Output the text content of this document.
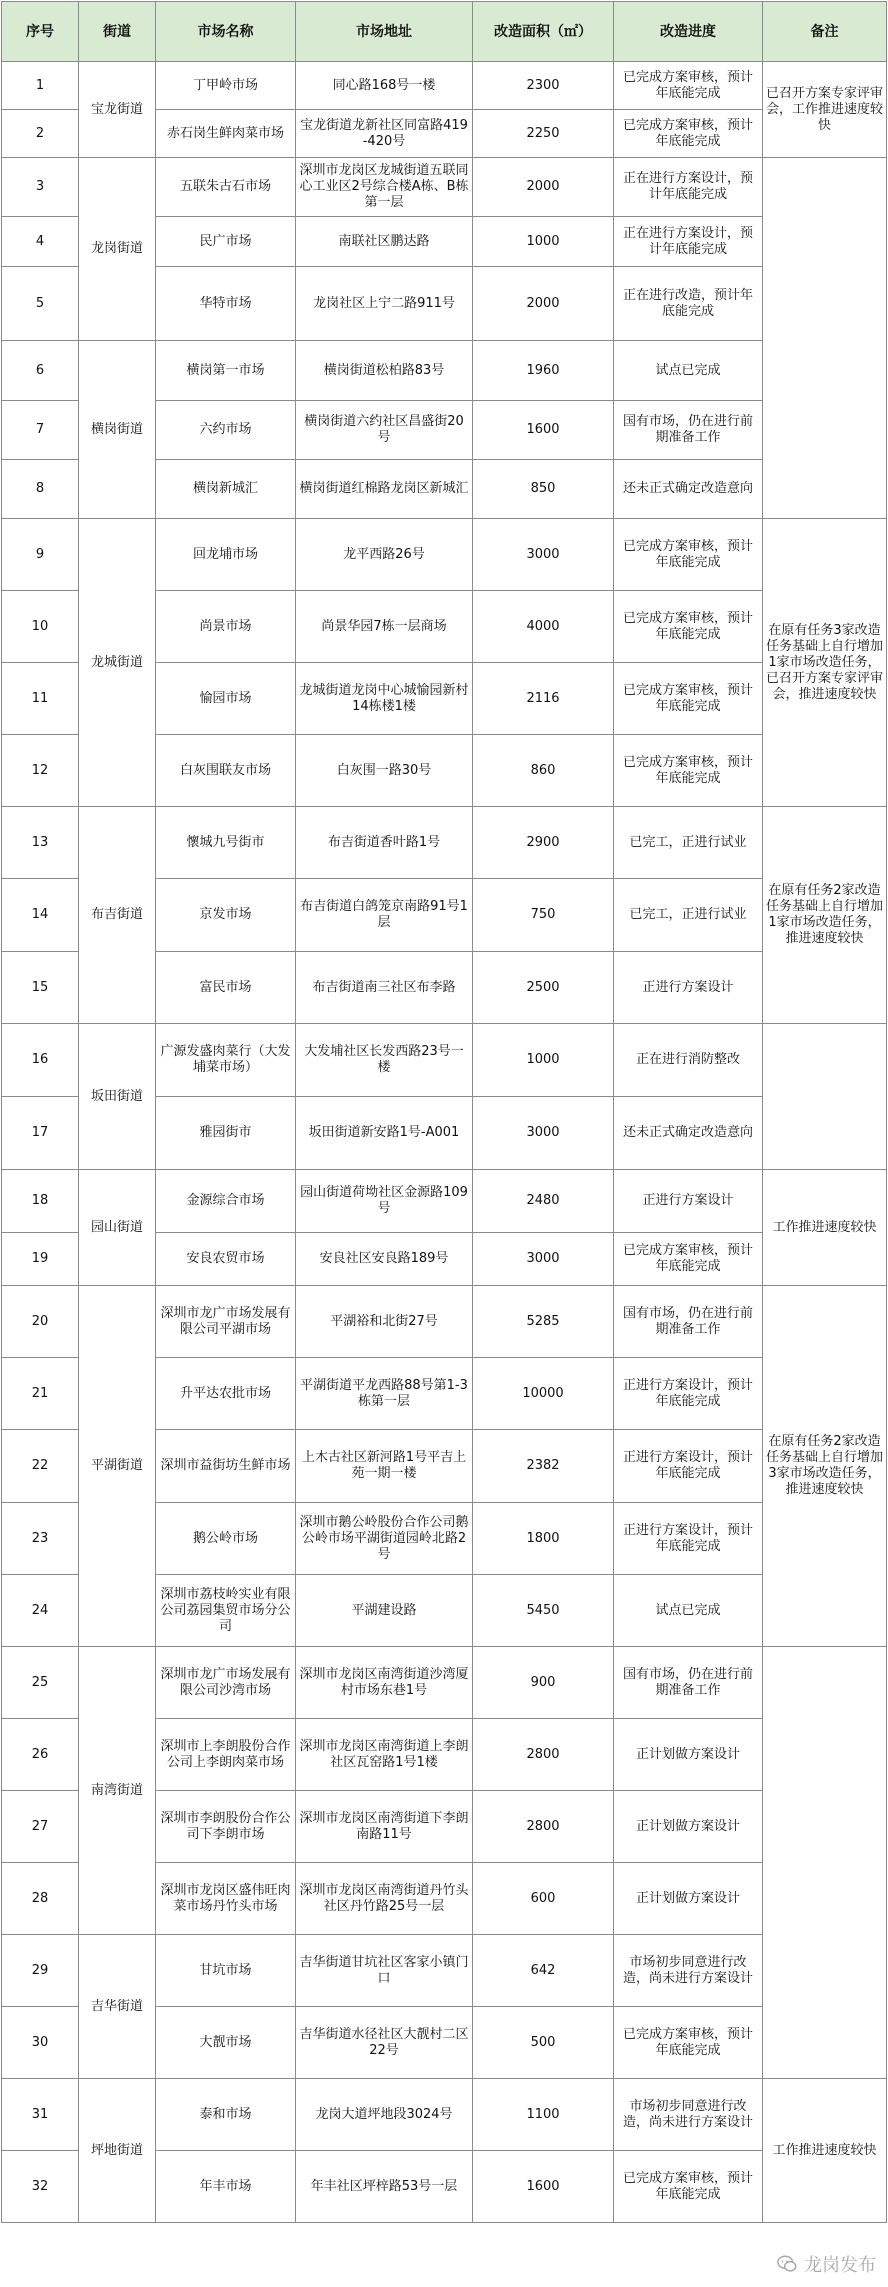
序号	街道	市场名称	市场地址	改造面积（㎡）	改造进度	备注
1	宝龙街道	丁甲岭市场	同心路168号一楼	2300	已完成方案审核，预计年底能完成	已召开方案专家评审会，工作推进速度较快
2		赤石岗生鲜肉菜市场	宝龙街道龙新社区同富路419-420号	2250	已完成方案审核，预计年底能完成	
3	龙岗街道	五联朱古石市场	深圳市龙岗区龙城街道五联同心工业区2号综合楼A栋、B栋第一层	2000	正在进行方案设计，预计年底能完成	
4		民广市场	南联社区鹏达路	1000	正在进行方案设计，预计年底能完成	
5		华特市场	龙岗社区上宁二路911号	2000	正在进行改造，预计年底能完成	
6	横岗街道	横岗第一市场	横岗街道松柏路83号	1960	试点已完成	
7		六约市场	横岗街道六约社区昌盛街20号	1600	国有市场，仍在进行前期准备工作	
8		横岗新城汇	横岗街道红棉路龙岗区新城汇	850	还未正式确定改造意向	
9	龙城街道	回龙埔市场	龙平西路26号	3000	已完成方案审核，预计年底能完成	在原有任务3家改造任务基础上自行增加1家市场改造任务，已召开方案专家评审会，推进速度较快
10		尚景市场	尚景华园7栋一层商场	4000	已完成方案审核，预计年底能完成	
11		愉园市场	龙城街道龙岗中心城愉园新村14栋楼1楼	2116	已完成方案审核，预计年底能完成	
12		白灰围联友市场	白灰围一路30号	860	已完成方案审核，预计年底能完成	
13	布吉街道	懷城九号街市	布吉街道香叶路1号	2900	已完工，正进行试业	在原有任务2家改造任务基础上自行增加1家市场改造任务，推进速度较快
14		京发市场	布吉街道白鸽笼京南路91号1层	750	已完工，正进行试业	
15		富民市场	布吉街道南三社区布李路	2500	正进行方案设计	
16	坂田街道	广源发盛肉菜行（大发埔菜市场）	大发埔社区长发西路23号一楼	1000	正在进行消防整改	
17		雅园街市	坂田街道新安路1号-A001	3000	还未正式确定改造意向	
18	园山街道	金源综合市场	园山街道荷坳社区金源路109号	2480	正进行方案设计	工作推进速度较快
19		安良农贸市场	安良社区安良路189号	3000	已完成方案审核，预计年底能完成	
20	平湖街道	深圳市龙广市场发展有限公司平湖市场	平湖裕和北街27号	5285	国有市场，仍在进行前期准备工作	在原有任务2家改造任务基础上自行增加3家市场改造任务，推进速度较快
21		升平达农批市场	平湖街道平龙西路88号第1-3栋第一层	10000	正进行方案设计，预计年底能完成	
22		深圳市益街坊生鲜市场	上木古社区新河路1号平吉上苑一期一楼	2382	正进行方案设计，预计年底能完成	
23		鹅公岭市场	深圳市鹅公岭股份合作公司鹅公岭市场平湖街道园岭北路2号	1800	正进行方案设计，预计年底能完成	
24		深圳市荔枝岭实业有限公司荔园集贸市场分公司	平湖建设路	5450	试点已完成	
25	南湾街道	深圳市龙广市场发展有限公司沙湾市场	深圳市龙岗区南湾街道沙湾厦村市场东巷1号	900	国有市场，仍在进行前期准备工作	
26		深圳市上李朗股份合作公司上李朗肉菜市场	深圳市龙岗区南湾街道上李朗社区瓦窑路1号1楼	2800	正计划做方案设计	
27		深圳市李朗股份合作公司下李朗市场	深圳市龙岗区南湾街道下李朗南路11号	2800	正计划做方案设计	
28		深圳市龙岗区盛伟旺肉菜市场丹竹头市场	深圳市龙岗区南湾街道丹竹头社区丹竹路25号一层	600	正计划做方案设计	
29	吉华街道	甘坑市场	吉华街道甘坑社区客家小镇门口	642	市场初步同意进行改造，尚未进行方案设计	
30		大靓市场	吉华街道水径社区大靓村二区22号	500	已完成方案审核，预计年底能完成	
31	坪地街道	泰和市场	龙岗大道坪地段3024号	1100	市场初步同意进行改造，尚未进行方案设计	工作推进速度较快
32		年丰市场	年丰社区坪梓路53号一层	1600	已完成方案审核，预计年底能完成	
龙岗发布
